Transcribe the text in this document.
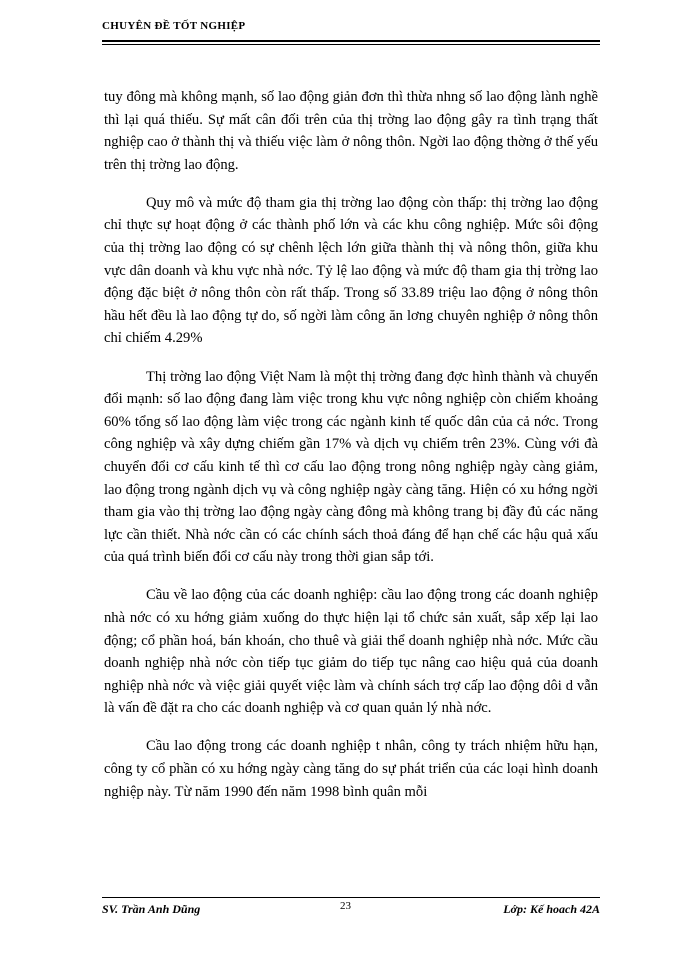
CHUYÊN ĐỀ TỐT NGHIỆP

tuy đông mà không mạnh, số lao động giản đơn thì thừa nhng số lao động lành nghề thì lại quá thiếu. Sự mất cân đối trên của thị trờng lao động gây ra tình trạng thất nghiệp cao ở thành thị và thiếu việc làm ở nông thôn. Ngời lao động thờng ở thế yếu trên thị trờng lao động.

Quy mô và mức độ tham gia thị trờng lao động còn thấp: thị trờng lao động chỉ thực sự hoạt động ở các thành phố lớn và các khu công nghiệp. Mức sôi động của thị trờng lao động có sự chênh lệch lớn giữa thành thị và nông thôn, giữa khu vực dân doanh và khu vực nhà nớc. Tỷ lệ lao động và mức độ tham gia thị trờng lao động đặc biệt ở nông thôn còn rất thấp. Trong số 33.89 triệu lao động ở nông thôn hầu hết đều là lao động tự do, số ngời làm công ăn lơng chuyên nghiệp ở nông thôn chỉ chiếm 4.29%

Thị trờng lao động Việt Nam là một thị trờng đang đợc hình thành và chuyển đổi mạnh: số lao động đang làm việc trong khu vực nông nghiệp còn chiếm khoảng 60% tổng số lao động làm việc trong các ngành kinh tế quốc dân của cả nớc. Trong công nghiệp và xây dựng chiếm gần 17% và dịch vụ chiếm trên 23%. Cùng với đà chuyển đổi cơ cấu kinh tế thì cơ cấu lao động trong nông nghiệp ngày càng giảm, lao động trong ngành dịch vụ và công nghiệp ngày càng tăng. Hiện có xu hớng ngời tham gia vào thị trờng lao động ngày càng đông mà không trang bị đầy đủ các năng lực cần thiết. Nhà nớc cần có các chính sách thoả đáng để hạn chế các hậu quả xấu của quá trình biến đổi cơ cấu này trong thời gian sắp tới.

Cầu về lao động của các doanh nghiệp: cầu lao động trong các doanh nghiệp nhà nớc có xu hớng giảm xuống do thực hiện lại tổ chức sản xuất, sắp xếp lại lao động; cổ phần hoá, bán khoán, cho thuê và giải thể doanh nghiệp nhà nớc. Mức cầu doanh nghiệp nhà nớc còn tiếp tục giảm do tiếp tục nâng cao hiệu quả của doanh nghiệp nhà nớc và việc giải quyết việc làm và chính sách trợ cấp lao động dôi d vẫn là vấn đề đặt ra cho các doanh nghiệp và cơ quan quản lý nhà nớc.

Cầu lao động trong các doanh nghiệp t nhân, công ty trách nhiệm hữu hạn, công ty cổ phần có xu hớng ngày càng tăng do sự phát triển của các loại hình doanh nghiệp này. Từ năm 1990 đến năm 1998 bình quân mỗi

SV. Trần Anh Dũng	23	Lớp: Kế hoach 42A
